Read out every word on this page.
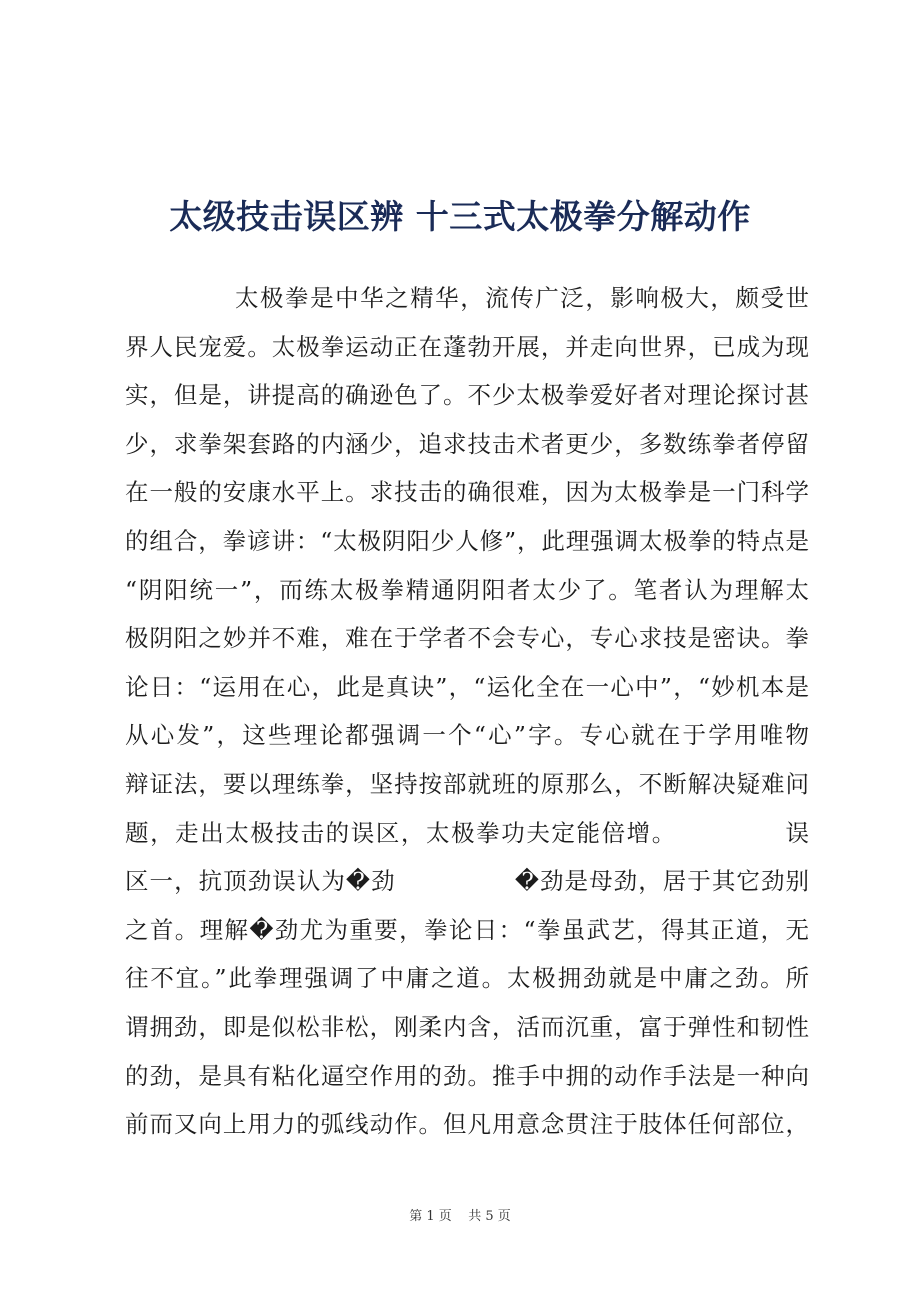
太级技击误区辨 十三式太极拳分解动作
太极拳是中华之精华，流传广泛，影响极大，颇受世
界人民宠爱。太极拳运动正在蓬勃开展，并走向世界，已成为现
实，但是，讲提高的确逊色了。不少太极拳爱好者对理论探讨甚
少，求拳架套路的内涵少，追求技击术者更少，多数练拳者停留
在一般的安康水平上。求技击的确很难，因为太极拳是一门科学
的组合，拳谚讲：“太极阴阳少人修”，此理强调太极拳的特点是
“阴阳统一”，而练太极拳精通阴阳者太少了。笔者认为理解太
极阴阳之妙并不难，难在于学者不会专心，专心求技是密诀。拳
论日：“运用在心，此是真诀”，“运化全在一心中”，“妙机本是
从心发”，这些理论都强调一个“心”字。专心就在于学用唯物
辩证法，要以理练拳，坚持按部就班的原那么，不断解决疑难问
题，走出太极技击的误区，太极拳功夫定能倍增。            误
区一，抗顶劲误认为�劲              �劲是母劲，居于其它劲别
之首。理解�劲尤为重要，拳论日：“拳虽武艺，得其正道，无
往不宜。”此拳理强调了中庸之道。太极拥劲就是中庸之劲。所
谓拥劲，即是似松非松，刚柔内含，活而沉重，富于弹性和韧性
的劲，是具有粘化逼空作用的劲。推手中拥的动作手法是一种向
前而又向上用力的弧线动作。但凡用意念贯注于肢体任何部位，
第 1 页    共 5 页
